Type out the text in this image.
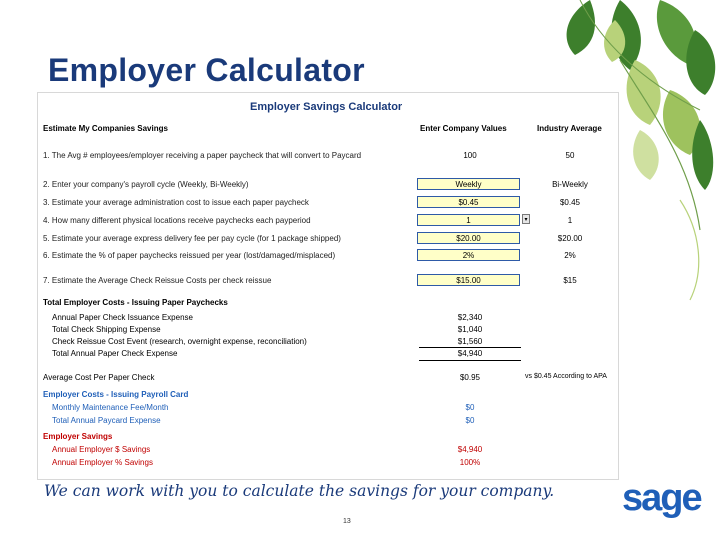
Employer Calculator
Employer Savings Calculator
Estimate My Companies Savings	Enter Company Values	Industry Average
1. The Avg # employees/employer receiving a paper paycheck that will convert to Paycard	100	50
2. Enter your company's payroll cycle (Weekly, Bi-Weekly)	Weekly	Bi-Weekly
3. Estimate your average administration cost to issue each paper paycheck	$0.45	$0.45
4. How many different physical locations receive paychecks each payperiod	1	▾	1
5. Estimate your average express delivery fee per pay cycle (for 1 package shipped)	$20.00	$20.00
6. Estimate the % of paper paychecks reissued per year (lost/damaged/misplaced)	2%	2%
7. Estimate the Average Check Reissue Costs per check reissue	$15.00	$15
Total Employer Costs - Issuing Paper Paychecks
Annual Paper Check Issuance Expense	$2,340
Total Check Shipping Expense	$1,040
Check Reissue Cost Event (research, overnight expense, reconciliation)	$1,560
Total Annual Paper Check Expense	$4,940
Average Cost Per Paper Check	$0.95	vs $0.45 According to APA
Employer Costs - Issuing Payroll Card
Monthly Maintenance Fee/Month	$0
Total Annual Paycard Expense	$0
Employer Savings
Annual Employer $ Savings	$4,940
Annual Employer % Savings	100%
We can work with you to calculate the savings for your company. sage
13
